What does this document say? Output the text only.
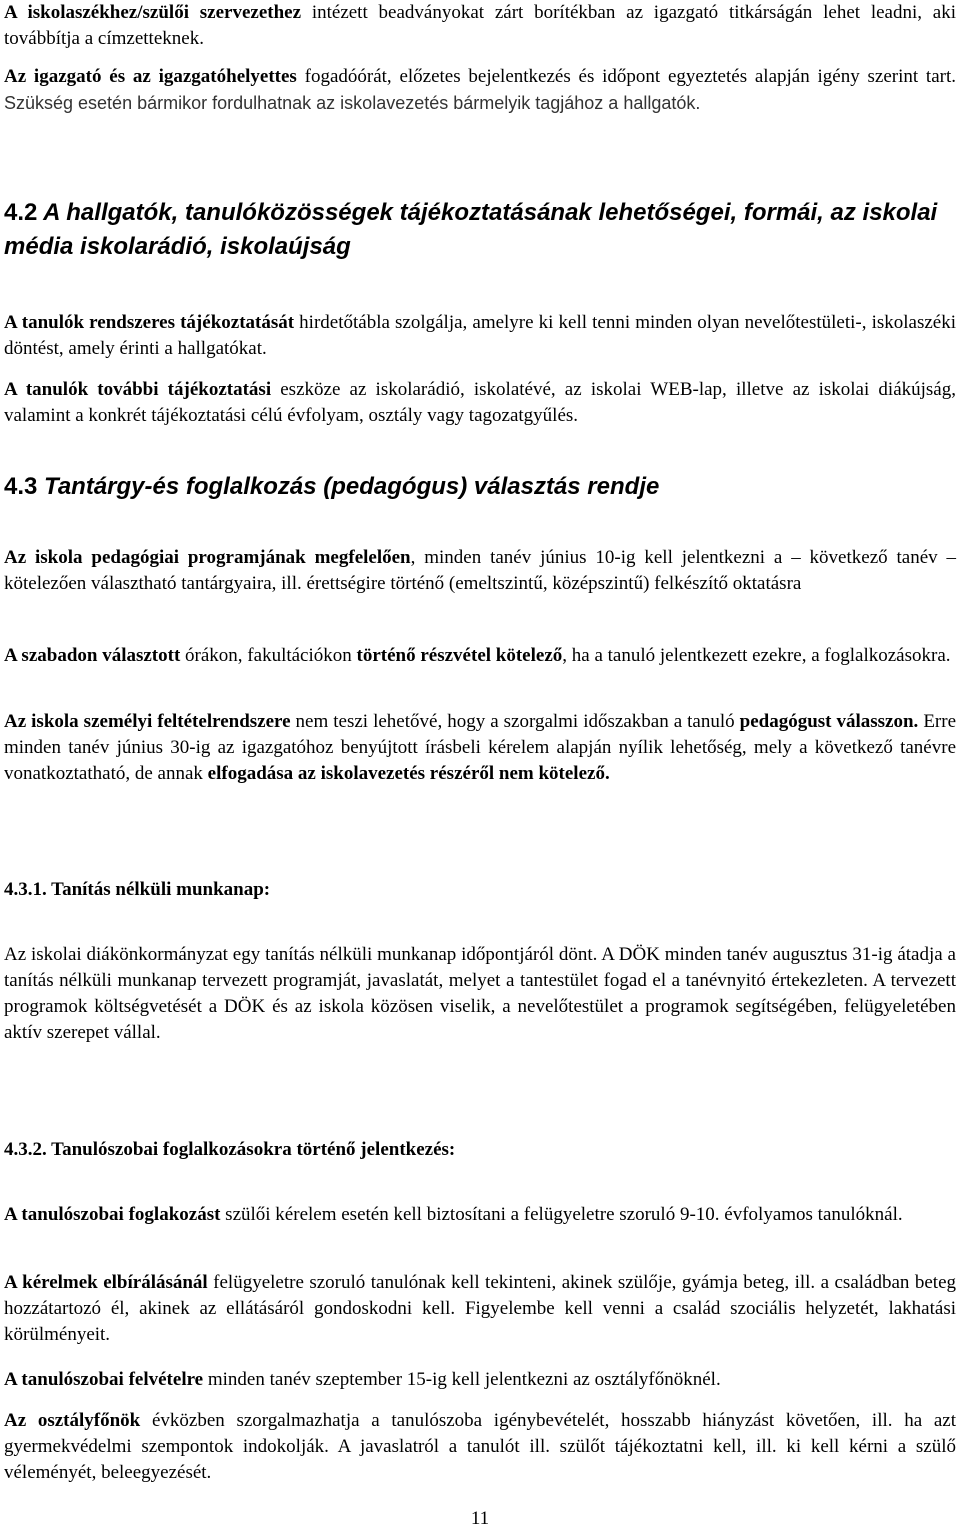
A iskolaszékhez/szülői szervezethez intézett beadványokat zárt borítékban az igazgató titkárságán lehet leadni, aki továbbítja a címzetteknek.

Az igazgató és az igazgatóhelyettes fogadóórát, előzetes bejelentkezés és időpont egyeztetés alapján igény szerint tart. Szükség esetén bármikor fordulhatnak az iskolavezetés bármelyik tagjához a hallgatók.

4.2 A hallgatók, tanulóközösségek tájékoztatásának lehetőségei, formái, az iskolai média iskolarádió, iskolaújság

A tanulók rendszeres tájékoztatását hirdetőtábla szolgálja, amelyre ki kell tenni minden olyan nevelőtestületi-, iskolaszéki döntést, amely érinti a hallgatókat.

A tanulók további tájékoztatási eszköze az iskolarádió, iskolatévé, az iskolai WEB-lap, illetve az iskolai diákújság, valamint a konkrét tájékoztatási célú évfolyam, osztály vagy tagozatgyűlés.

4.3 Tantárgy-és foglalkozás (pedagógus) választás rendje

Az iskola pedagógiai programjának megfelelően, minden tanév június 10-ig kell jelentkezni a – következő tanév – kötelezően választható tantárgyaira, ill. érettségire történő (emeltszintű, középszintű) felkészítő oktatásra

A szabadon választott órákon, fakultációkon történő részvétel kötelező, ha a tanuló jelentkezett ezekre, a foglalkozásokra.

Az iskola személyi feltételrendszere nem teszi lehetővé, hogy a szorgalmi időszakban a tanuló pedagógust válasszon. Erre minden tanév június 30-ig az igazgatóhoz benyújtott írásbeli kérelem alapján nyílik lehetőség, mely a következő tanévre vonatkoztatható, de annak elfogadása az iskolavezetés részéről nem kötelező.

4.3.1. Tanítás nélküli munkanap:

Az iskolai diákönkormányzat egy tanítás nélküli munkanap időpontjáról dönt. A DÖK minden tanév augusztus 31-ig átadja a tanítás nélküli munkanap tervezett programját, javaslatát, melyet a tantestület fogad el a tanévnyitó értekezleten. A tervezett programok költségvetését a DÖK és az iskola közösen viselik, a nevelőtestület a programok segítségében, felügyeletében aktív szerepet vállal.

4.3.2. Tanulószobai foglalkozásokra történő jelentkezés:

A tanulószobai foglakozást szülői kérelem esetén kell biztosítani a felügyeletre szoruló 9-10. évfolyamos tanulóknál.

A kérelmek elbírálásánál felügyeletre szoruló tanulónak kell tekinteni, akinek szülője, gyámja beteg, ill. a családban beteg hozzátartozó él, akinek az ellátásáról gondoskodni kell. Figyelembe kell venni a család szociális helyzetét, lakhatási körülményeit.

A tanulószobai felvételre minden tanév szeptember 15-ig kell jelentkezni az osztályfőnöknél.

Az osztályfőnök évközben szorgalmazhatja a tanulószoba igénybevételét, hosszabb hiányzást követően, ill. ha azt gyermekvédelmi szempontok indokolják. A javaslatról a tanulót ill. szülőt tájékoztatni kell, ill. ki kell kérni a szülő véleményét, beleegyezését.

11
